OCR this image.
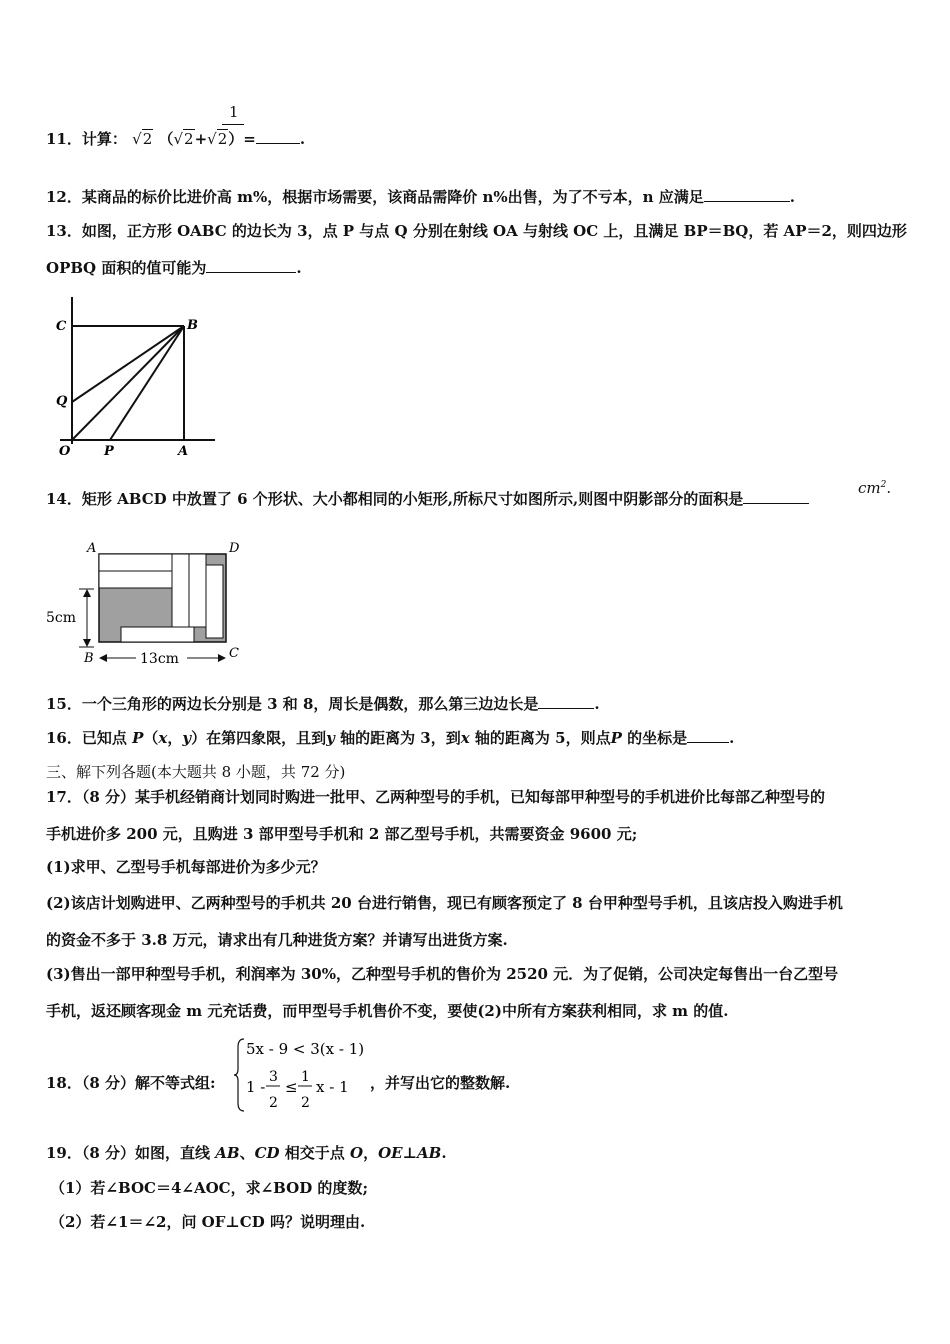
11．计算： √2 （√2+√2）=	.
1
12．某商品的标价比进价高 m%，根据市场需要，该商品需降价 n%出售，为了不亏本，n 应满足	.
13．如图，正方形 OABC 的边长为 3，点 P 与点 Q 分别在射线 OA 与射线 OC 上，且满足 BP＝BQ，若 AP＝2，则四边形
OPBQ 面积的值可能为	.
C	B
Q
O	P	A
14．矩形 ABCD 中放置了 6 个形状、大小都相同的小矩形,所标尺寸如图所示,则图中阴影部分的面积是
$cm^2$.
A	D
B	C
5cm
13cm
15．一个三角形的两边长分别是 3 和 8，周长是偶数，那么第三边边长是	.
16．已知点 P（x，y）在第四象限，且到y 轴的距离为 3，到x 轴的距离为 5，则点P 的坐标是	.
三、解下列各题(本大题共 8 小题，共 72 分)
17．（8 分）某手机经销商计划同时购进一批甲、乙两种型号的手机，已知每部甲种型号的手机进价比每部乙种型号的
手机进价多 200 元，且购进 3 部甲型号手机和 2 部乙型号手机，共需要资金 9600 元;
(1)求甲、乙型号手机每部进价为多少元？
(2)该店计划购进甲、乙两种型号的手机共 20 台进行销售，现已有顾客预定了 8 台甲种型号手机，且该店投入购进手机
的资金不多于 3.8 万元，请求出有几种进货方案？并请写出进货方案.
(3)售出一部甲种型号手机，利润率为 30%，乙种型号手机的售价为 2520 元．为了促销，公司决定每售出一台乙型号
手机，返还顾客现金 m 元充话费，而甲型号手机售价不变，要使(2)中所有方案获利相同，求 m 的值.
18．（8 分）解不等式组:
5x - 9 < 3(x - 1)
1 -
3
2
≤
1
2
x - 1 ，并写出它的整数解.
19．（8 分）如图，直线 AB、CD 相交于点 O，OE⊥AB.
（1）若∠BOC＝4∠AOC，求∠BOD 的度数;
（2）若∠1＝∠2，问 OF⊥CD 吗？说明理由.
